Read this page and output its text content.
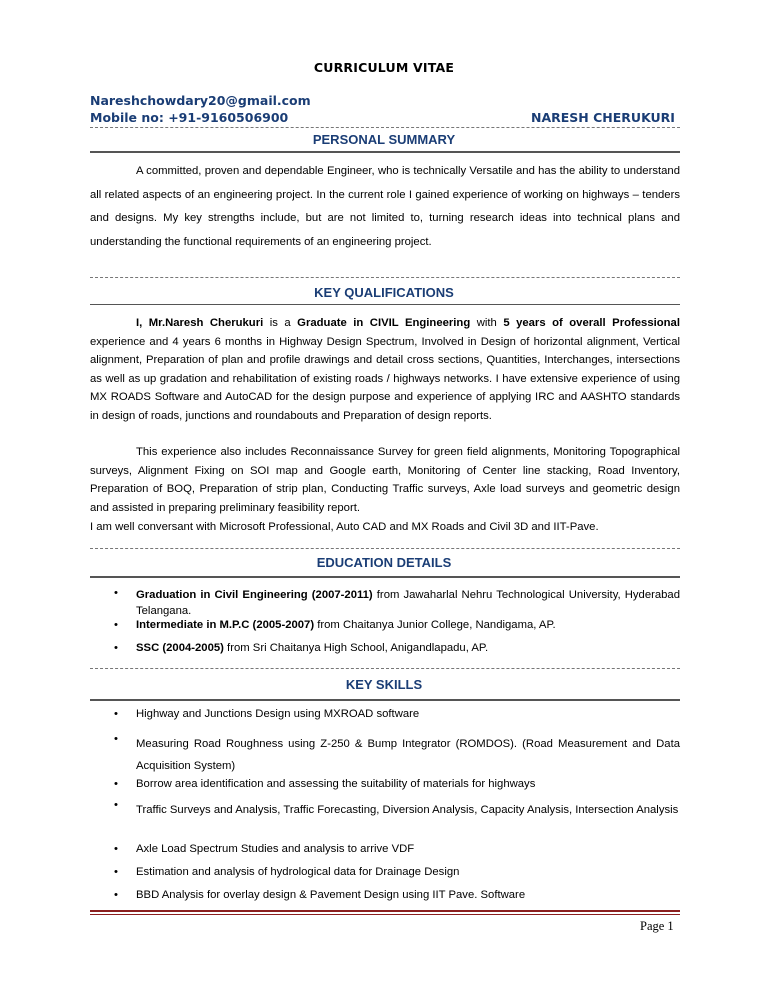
CURRICULUM VITAE
Nareshchowdary20@gmail.com
Mobile no: +91-9160506900	NARESH CHERUKURI
PERSONAL SUMMARY
A committed, proven and dependable Engineer, who is technically Versatile and has the ability to understand all related aspects of an engineering project. In the current role I gained experience of working on highways – tenders and designs. My key strengths include, but are not limited to, turning research ideas into technical plans and understanding the functional requirements of an engineering project.
KEY QUALIFICATIONS
I, Mr.Naresh Cherukuri is a Graduate in CIVIL Engineering with 5 years of overall Professional experience and 4 years 6 months in Highway Design Spectrum, Involved in Design of horizontal alignment, Vertical alignment, Preparation of plan and profile drawings and detail cross sections, Quantities, Interchanges, intersections as well as up gradation and rehabilitation of existing roads / highways networks. I have extensive experience of using MX ROADS Software and AutoCAD for the design purpose and experience of applying IRC and AASHTO standards in design of roads, junctions and roundabouts and Preparation of design reports.
This experience also includes Reconnaissance Survey for green field alignments, Monitoring Topographical surveys, Alignment Fixing on SOI map and Google earth, Monitoring of Center line stacking, Road Inventory, Preparation of BOQ, Preparation of strip plan, Conducting Traffic surveys, Axle load surveys and geometric design and assisted in preparing preliminary feasibility report.
I am well conversant with Microsoft Professional, Auto CAD and MX Roads and Civil 3D and IIT-Pave.
EDUCATION DETAILS
• Graduation in Civil Engineering (2007-2011) from Jawaharlal Nehru Technological University, Hyderabad Telangana.
• Intermediate in M.P.C (2005-2007) from Chaitanya Junior College, Nandigama, AP.
• SSC (2004-2005) from Sri Chaitanya High School, Anigandlapadu, AP.
KEY SKILLS
• Highway and Junctions Design using MXROAD software
• Measuring Road Roughness using Z-250 & Bump Integrator (ROMDOS). (Road Measurement and Data Acquisition System)
• Borrow area identification and assessing the suitability of materials for highways
• Traffic Surveys and Analysis, Traffic Forecasting, Diversion Analysis, Capacity Analysis, Intersection Analysis
• Axle Load Spectrum Studies and analysis to arrive VDF
• Estimation and analysis of hydrological data for Drainage Design
• BBD Analysis for overlay design & Pavement Design using IIT Pave. Software
Page 1
